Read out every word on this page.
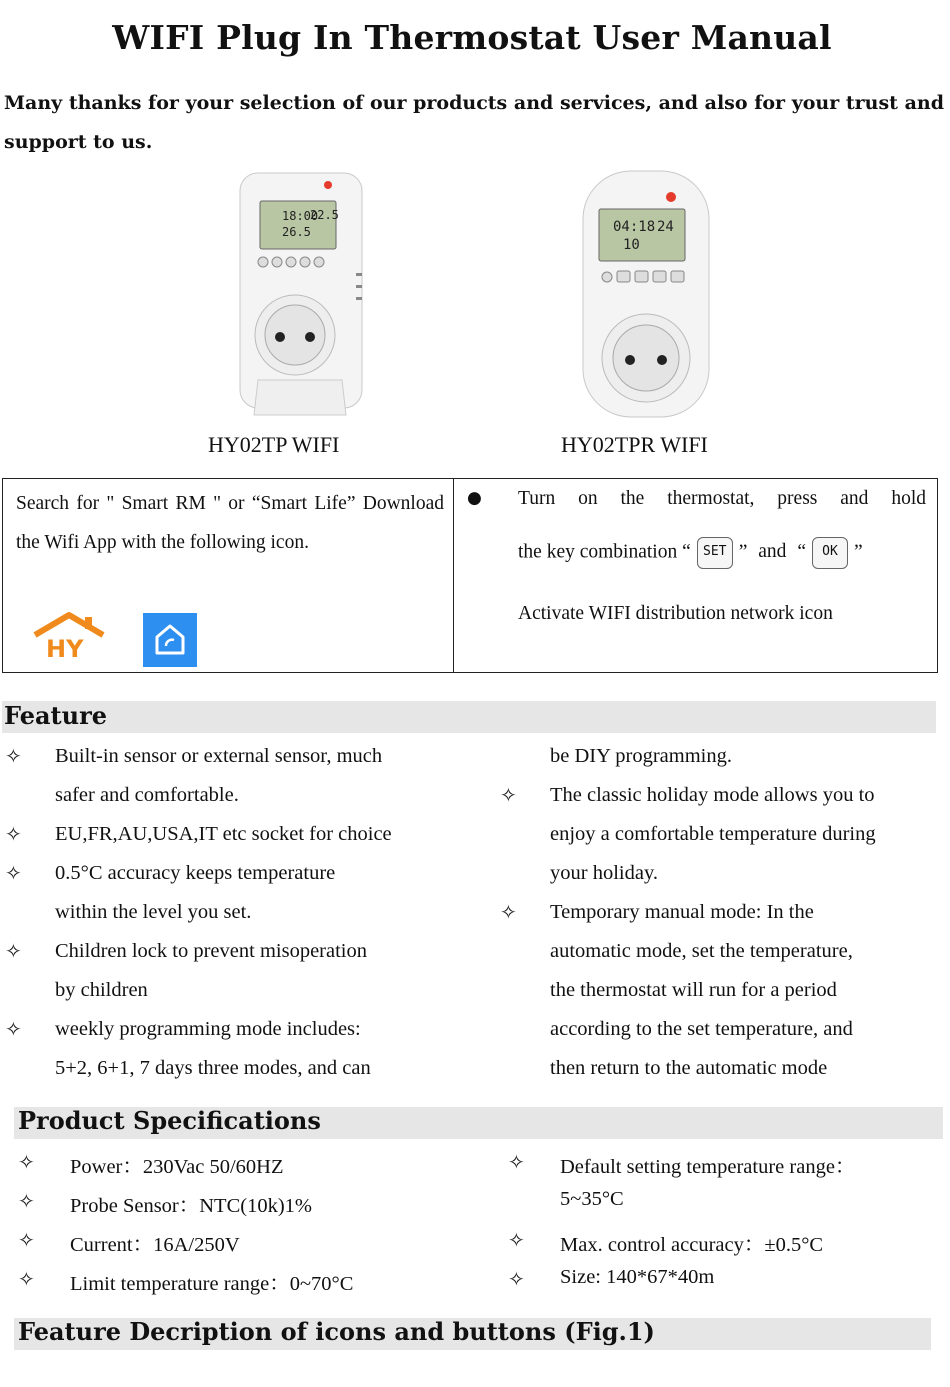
WIFI Plug In Thermostat User Manual

Many thanks for your selection of our products and services, and also for your trust and support to us.

18:00
22.5
26.5	04:18 24
10
HY02TP WIFI	HY02TPR WIFI
Search for " Smart RM " or “Smart Life” Download the Wifi App with the following icon.
HY
● Turn on the thermostat, press and hold
the key combination “ SET ” and “ OK ”
Activate WIFI distribution network icon
Feature
✧ Built-in sensor or external sensor, much
safer and comfortable.
✧ EU,FR,AU,USA,IT etc socket for choice
✧ 0.5°C accuracy keeps temperature
within the level you set.
✧ Children lock to prevent misoperation
by children
✧ weekly programming mode includes:
5+2, 6+1, 7 days three modes, and can
be DIY programming.
✧ The classic holiday mode allows you to
enjoy a comfortable temperature during
your holiday.
✧ Temporary manual mode: In the
automatic mode, set the temperature,
the thermostat will run for a period
according to the set temperature, and
then return to the automatic mode
Product Specifications
✧ Power：230Vac 50/60HZ
✧ Probe Sensor：NTC(10k)1%
✧ Current：16A/250V
✧ Limit temperature range：0~70°C
✧ Default setting temperature range：
5~35°C
✧ Max. control accuracy：±0.5°C
✧ Size: 140*67*40m
Feature Decription of icons and buttons (Fig.1)
